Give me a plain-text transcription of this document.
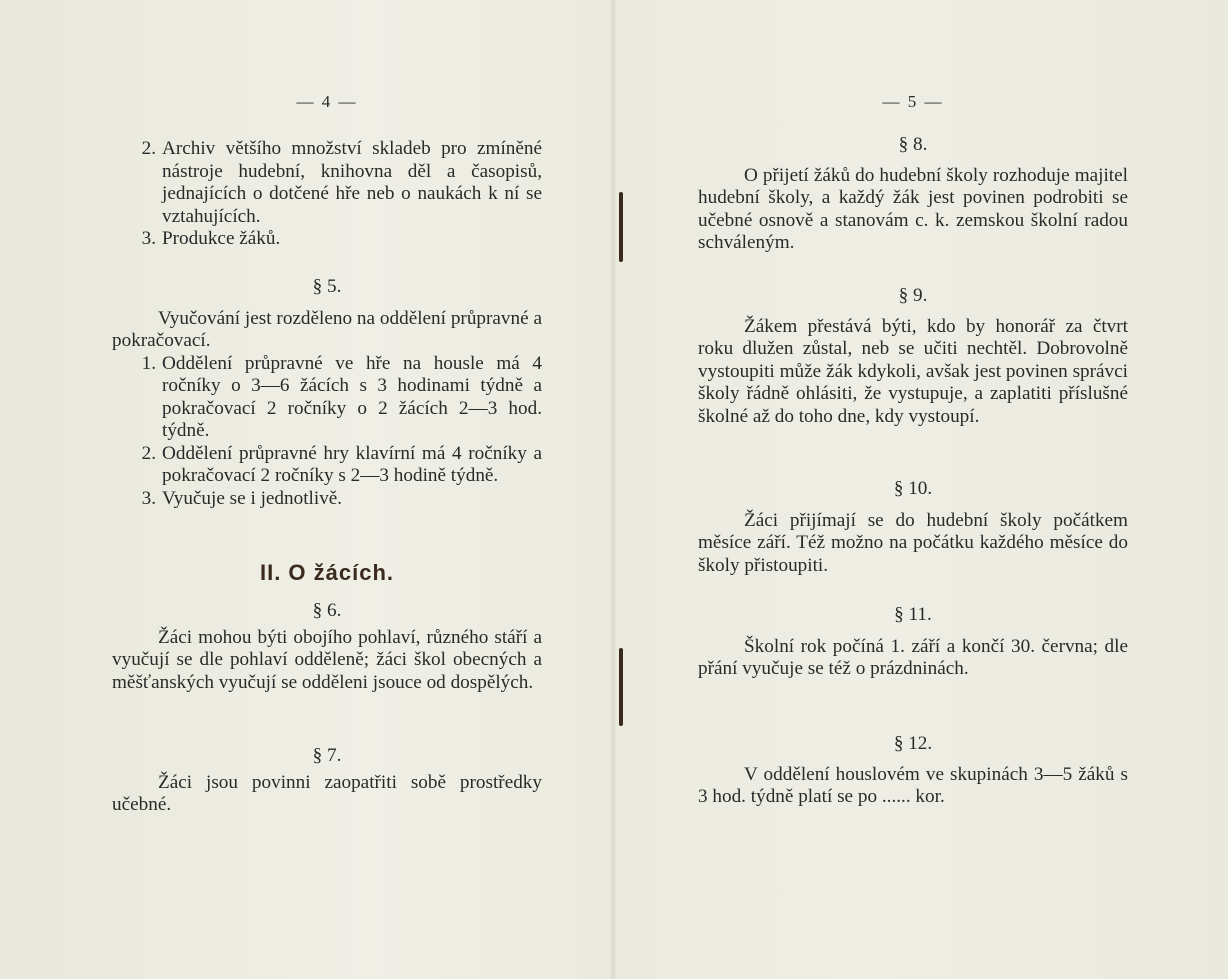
— 4 —

2. Archiv většího množství skladeb pro zmíněné nástroje hudební, knihovna děl a časopisů, jednajících o dotčené hře neb o naukách k ní se vztahujících.

3. Produkce žáků.

§ 5.

Vyučování jest rozděleno na oddělení průpravné a pokračovací.

1. Oddělení průpravné ve hře na housle má 4 ročníky o 3—6 žácích s 3 hodinami týdně a pokračovací 2 ročníky o 2 žácích 2—3 hod. týdně.

2. Oddělení průpravné hry klavírní má 4 ročníky a pokračovací 2 ročníky s 2—3 hodině týdně.

3. Vyučuje se i jednotlivě.

II. O žácích.
§ 6.

Žáci mohou býti obojího pohlaví, různého stáří a vyučují se dle pohlaví odděleně; žáci škol obecných a měšťanských vyučují se odděleni jsouce od dospělých.

§ 7.

Žáci jsou povinni zaopatřiti sobě prostředky učebné.

— 5 —
§ 8.

O přijetí žáků do hudební školy rozhoduje majitel hudební školy, a každý žák jest povinen podrobiti se učebné osnově a stanovám c. k. zemskou školní radou schváleným.

§ 9.

Žákem přestává býti, kdo by honorář za čtvrt roku dlužen zůstal, neb se učiti nechtěl. Dobrovolně vystoupiti může žák kdykoli, avšak jest povinen správci školy řádně ohlásiti, že vystupuje, a zaplatiti příslušné školné až do toho dne, kdy vystoupí.

§ 10.

Žáci přijímají se do hudební školy počátkem měsíce září. Též možno na počátku každého měsíce do školy přistoupiti.

§ 11.

Školní rok počíná 1. září a končí 30. června; dle přání vyučuje se též o prázdninách.

§ 12.

V oddělení houslovém ve skupinách 3—5 žáků s 3 hod. týdně platí se po ...... kor.
